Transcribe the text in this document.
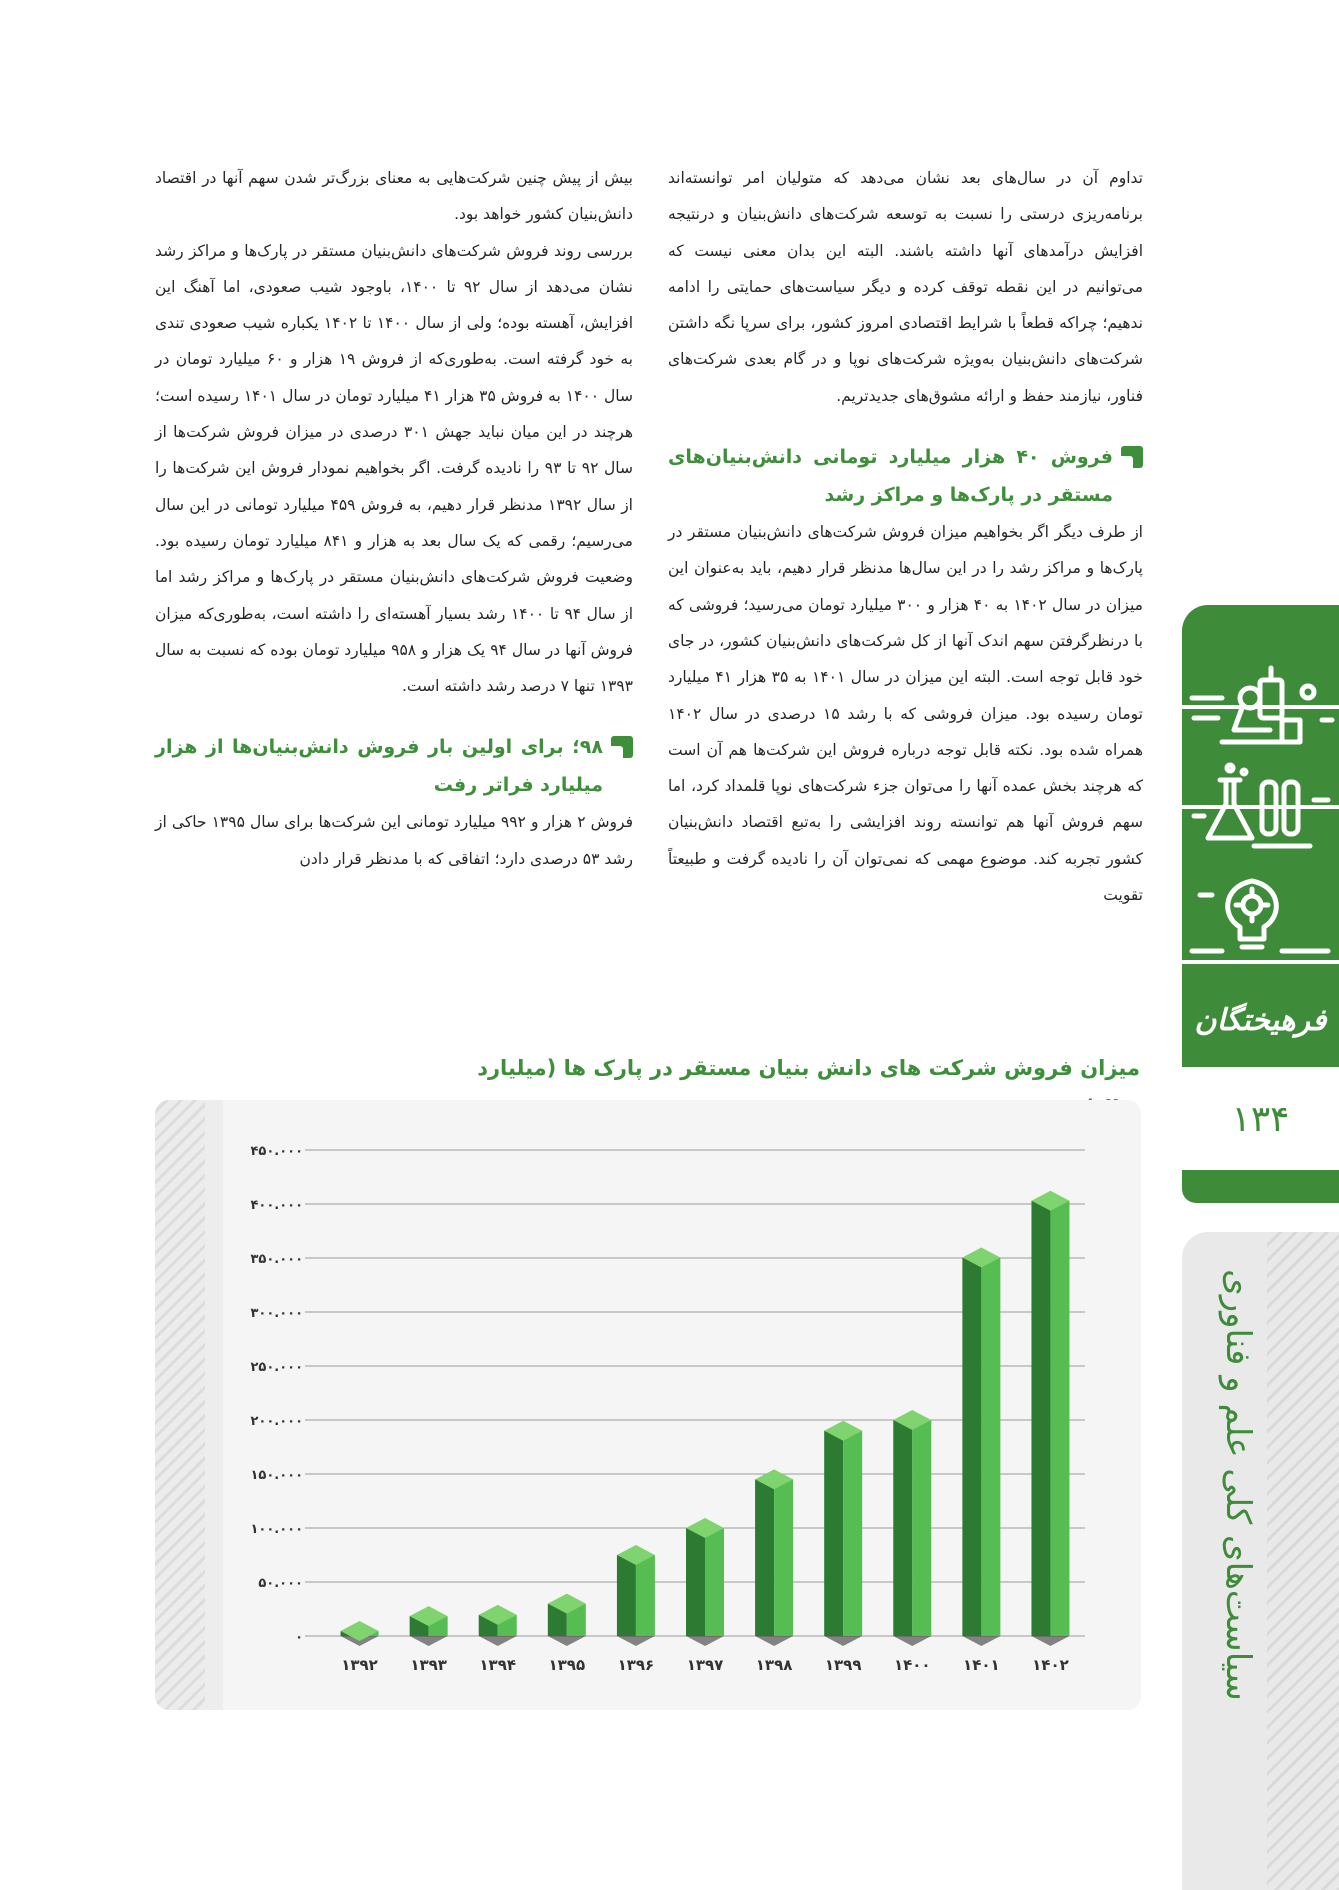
تداوم آن در سال‌های بعد نشان می‌دهد که متولیان امر توانسته‌اند برنامه‌ریزی درستی را نسبت به توسعه شرکت‌های دانش‌بنیان و درنتیجه افزایش درآمدهای آنها داشته باشند. البته این بدان معنی نیست که می‌توانیم در این نقطه توقف کرده و دیگر سیاست‌های حمایتی را ادامه ندهیم؛ چراکه قطعاً با شرایط اقتصادی امروز کشور، برای سرپا نگه داشتن شرکت‌های دانش‌بنیان به‌ویژه شرکت‌های نوپا و در گام بعدی شرکت‌های فناور، نیازمند حفظ و ارائه مشوق‌های جدیدتریم.

فروش ۴۰ هزار میلیارد تومانی دانش‌بنیان‌های مستقر در پارک‌ها و مراکز رشد

از طرف دیگر اگر بخواهیم میزان فروش شرکت‌های دانش‌بنیان مستقر در پارک‌ها و مراکز رشد را در این سال‌ها مدنظر قرار دهیم، باید به‌عنوان این میزان در سال ۱۴۰۲ به ۴۰ هزار و ۳۰۰ میلیارد تومان می‌رسید؛ فروشی که با درنظرگرفتن سهم اندک آنها از کل شرکت‌های دانش‌بنیان کشور، در جای خود قابل توجه است. البته این میزان در سال ۱۴۰۱ به ۳۵ هزار ۴۱ میلیارد تومان رسیده بود. میزان فروشی که با رشد ۱۵ درصدی در سال ۱۴۰۲ همراه شده بود. نکته قابل توجه درباره فروش این شرکت‌ها هم آن است که هرچند بخش عمده آنها را می‌توان جزء شرکت‌های نوپا قلمداد کرد، اما سهم فروش آنها هم توانسته روند افزایشی را به‌تبع اقتصاد دانش‌بنیان کشور تجربه کند. موضوع مهمی که نمی‌توان آن را نادیده گرفت و طبیعتاً تقویت

بیش از پیش چنین شرکت‌هایی به معنای بزرگ‌تر شدن سهم آنها در اقتصاد دانش‌بنیان کشور خواهد بود.

بررسی روند فروش شرکت‌های دانش‌بنیان مستقر در پارک‌ها و مراکز رشد نشان می‌دهد از سال ۹۲ تا ۱۴۰۰، باوجود شیب صعودی، اما آهنگ این افزایش، آهسته بوده؛ ولی از سال ۱۴۰۰ تا ۱۴۰۲ یکباره شیب صعودی تندی به خود گرفته است. به‌طوری‌که از فروش ۱۹ هزار و ۶۰ میلیارد تومان در سال ۱۴۰۰ به فروش ۳۵ هزار ۴۱ میلیارد تومان در سال ۱۴۰۱ رسیده است؛ هرچند در این میان نباید جهش ۳۰۱ درصدی در میزان فروش شرکت‌ها از سال ۹۲ تا ۹۳ را نادیده گرفت. اگر بخواهیم نمودار فروش این شرکت‌ها را از سال ۱۳۹۲ مدنظر قرار دهیم، به فروش ۴۵۹ میلیارد تومانی در این سال می‌رسیم؛ رقمی که یک سال بعد به هزار و ۸۴۱ میلیارد تومان رسیده بود. وضعیت فروش شرکت‌های دانش‌بنیان مستقر در پارک‌ها و مراکز رشد اما از سال ۹۴ تا ۱۴۰۰ رشد بسیار آهسته‌ای را داشته است، به‌طوری‌که میزان فروش آنها در سال ۹۴ یک هزار و ۹۵۸ میلیارد تومان بوده که نسبت به سال ۱۳۹۳ تنها ۷ درصد رشد داشته است.

۹۸؛ برای اولین بار فروش دانش‌بنیان‌ها از هزار میلیارد فراتر رفت

فروش ۲ هزار و ۹۹۲ میلیارد تومانی این شرکت‌ها برای سال ۱۳۹۵ حاکی از رشد ۵۳ درصدی دارد؛ اتفاقی که با مدنظر قرار دادن

میزان فروش شرکت های دانش بنیان مستقر در پارک ها (میلیارد
۰
۵۰.۰۰۰
۱۰۰.۰۰۰
۱۵۰.۰۰۰
۲۰۰.۰۰۰
۲۵۰.۰۰۰
۳۰۰.۰۰۰
۳۵۰.۰۰۰
۴۰۰.۰۰۰
۴۵۰.۰۰۰
۱۳۹۲ ۱۳۹۳ ۱۳۹۴ ۱۳۹۵ ۱۳۹۶ ۱۳۹۷ ۱۳۹۸ ۱۳۹۹ ۱۴۰۰ ۱۴۰۱ ۱۴۰۲
فرهیختگان
۱۳۴
سیاست‌های کلی علم و فناوری
